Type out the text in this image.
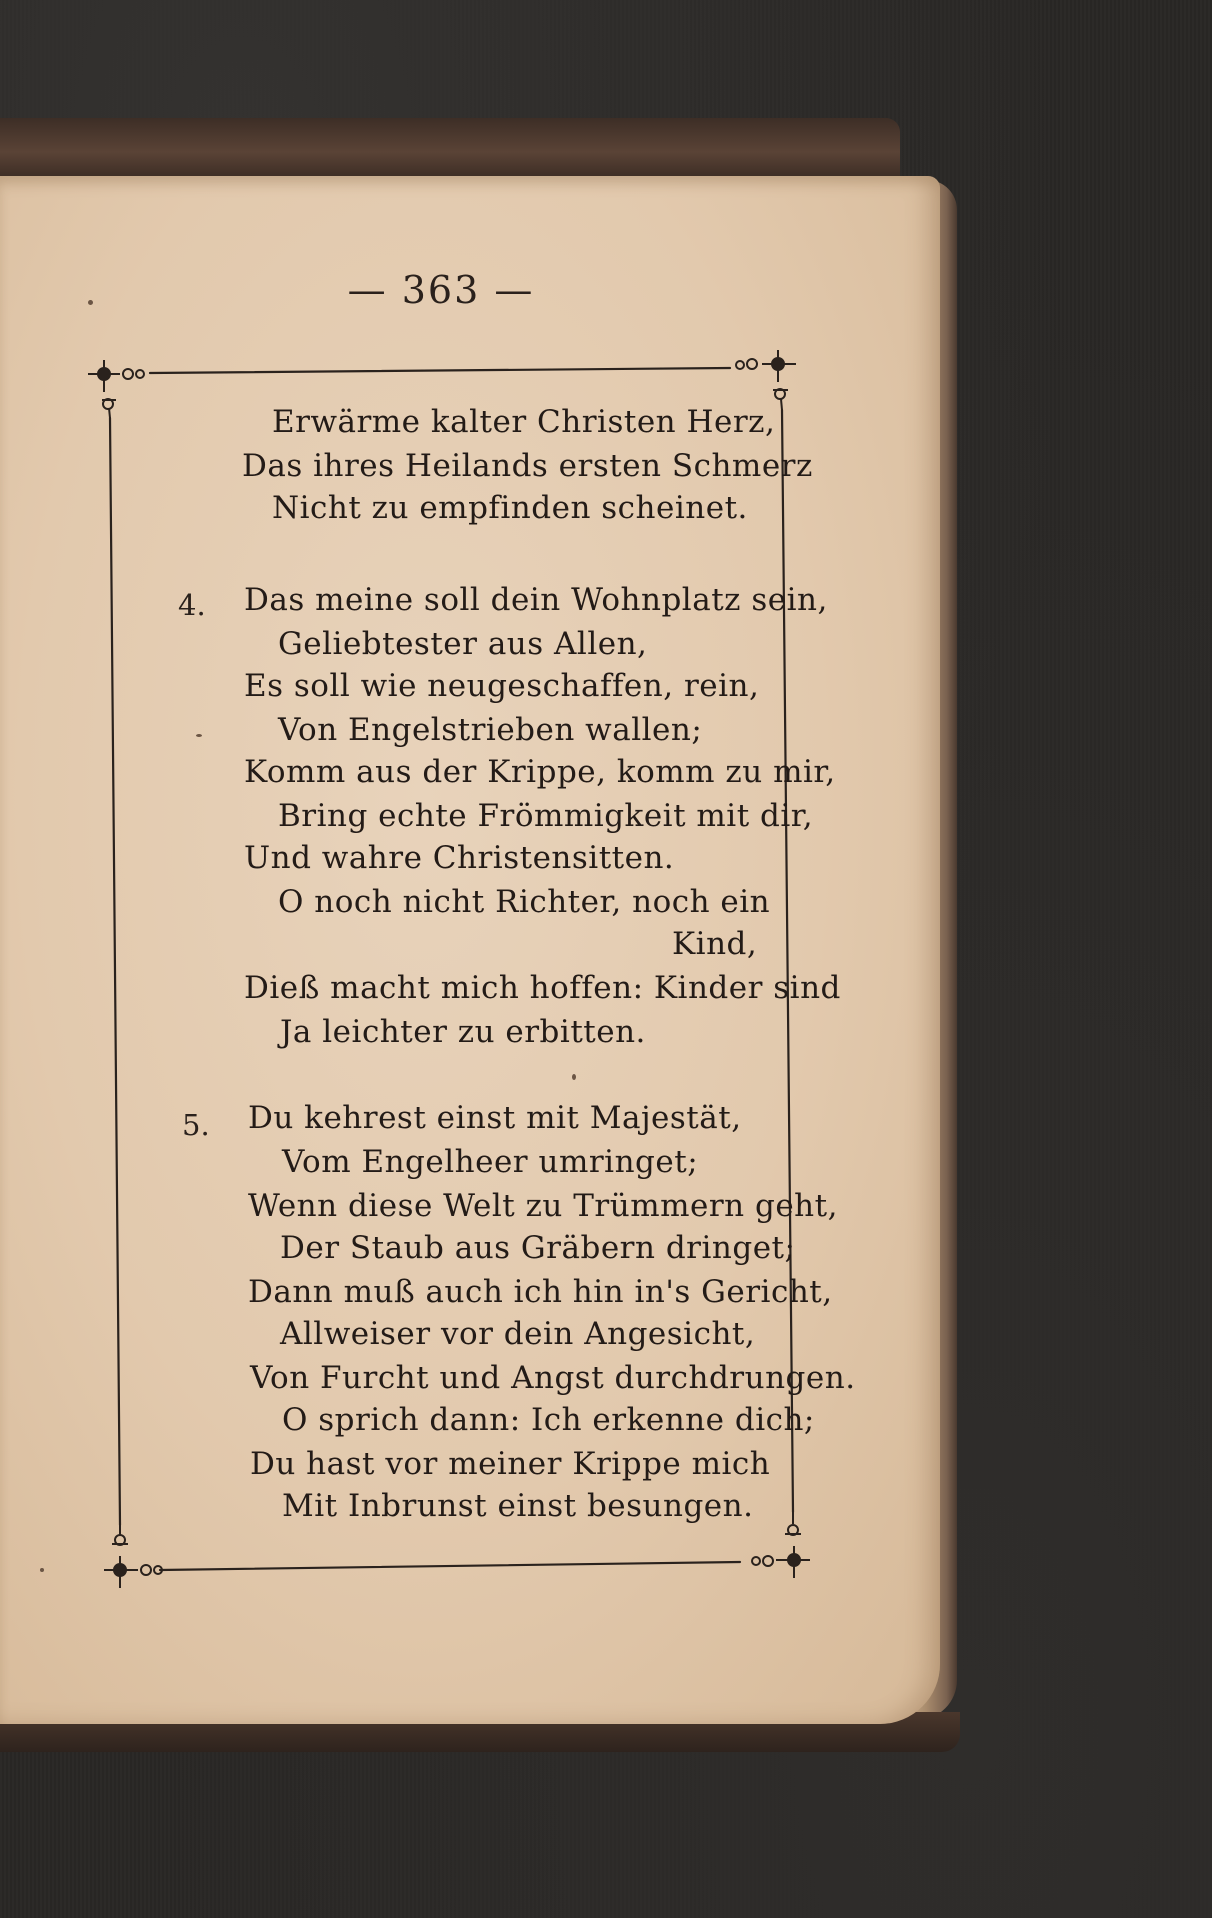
— 363 —
Erwärme kalter Christen Herz,
Das ihres Heilands ersten Schmerz
Nicht zu empfinden scheinet.
4. Das meine soll dein Wohnplatz sein,
Geliebtester aus Allen,
Es soll wie neugeschaffen, rein,
Von Engelstrieben wallen;
Komm aus der Krippe, komm zu mir,
Bring echte Frömmigkeit mit dir,
Und wahre Christensitten.
O noch nicht Richter, noch ein
Kind,
Dieß macht mich hoffen: Kinder sind
Ja leichter zu erbitten.
5. Du kehrest einst mit Majestät,
Vom Engelheer umringet;
Wenn diese Welt zu Trümmern geht,
Der Staub aus Gräbern dringet;
Dann muß auch ich hin in's Gericht,
Allweiser vor dein Angesicht,
Von Furcht und Angst durchdrungen.
O sprich dann: Ich erkenne dich;
Du hast vor meiner Krippe mich
Mit Inbrunst einst besungen.
